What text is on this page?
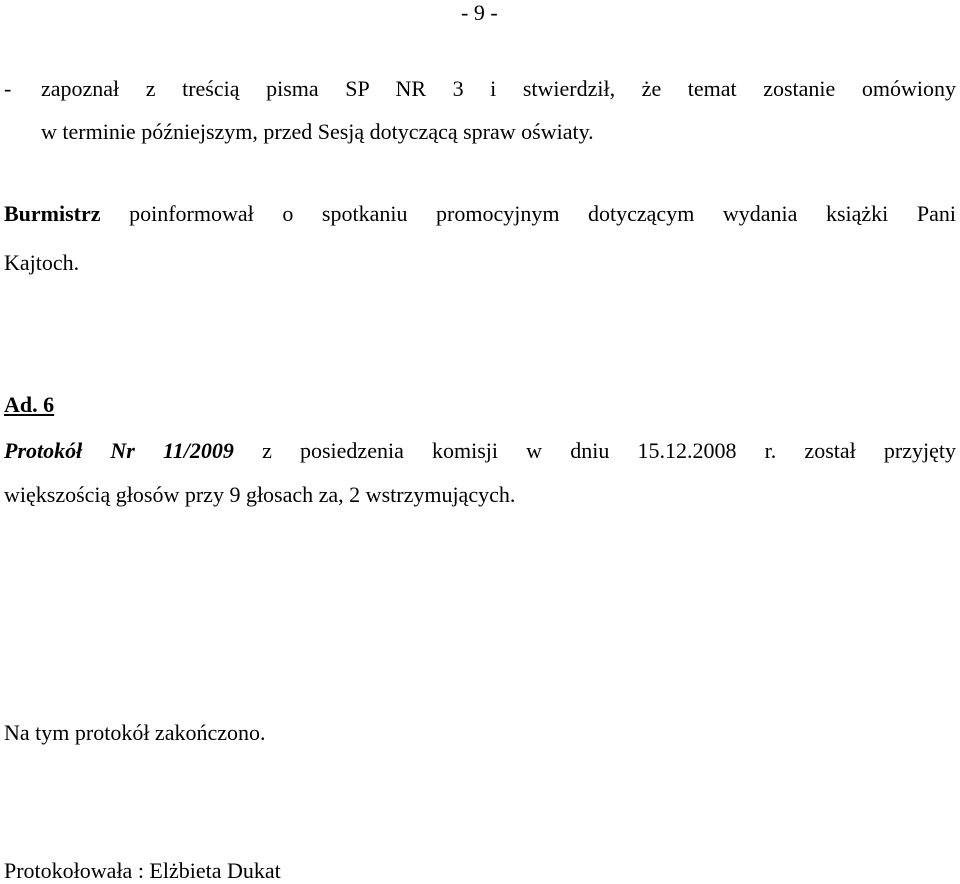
- 9 -
- zapoznał z treścią pisma SP NR 3 i stwierdził, że temat zostanie omówiony
w terminie późniejszym, przed Sesją dotyczącą spraw oświaty.
Burmistrz poinformował o spotkaniu promocyjnym dotyczącym wydania książki Pani
Kajtoch.
Ad. 6
Protokół Nr 11/2009 z posiedzenia komisji w dniu 15.12.2008 r. został przyjęty
większością głosów przy 9 głosach za, 2 wstrzymujących.
Na tym protokół zakończono.
Protokołowała : Elżbieta Dukat
